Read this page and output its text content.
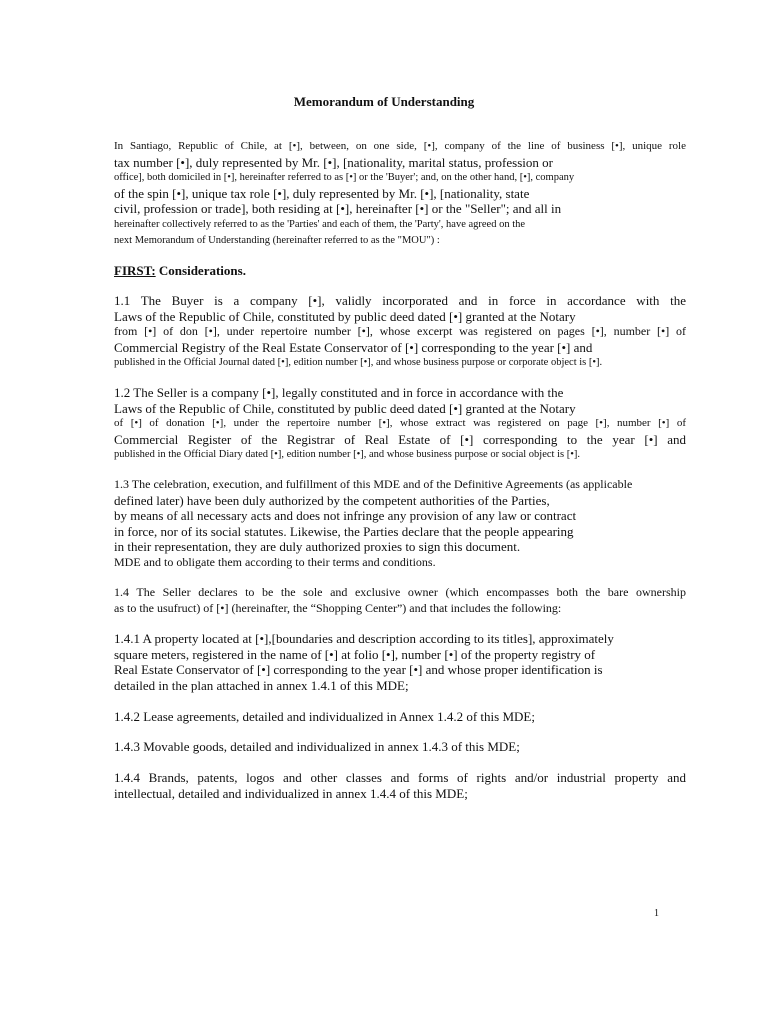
Memorandum of Understanding
In Santiago, Republic of Chile, at [•], between, on one side, [•], company of the line of business [•], unique role
tax number [•], duly represented by Mr. [•], [nationality, marital status, profession or
office], both domiciled in [•], hereinafter referred to as [•] or the 'Buyer'; and, on the other hand, [•], company
of the spin [•], unique tax role [•], duly represented by Mr. [•], [nationality, state
civil, profession or trade], both residing at [•], hereinafter [•] or the "Seller"; and all in
hereinafter collectively referred to as the 'Parties' and each of them, the 'Party', have agreed on the
next Memorandum of Understanding (hereinafter referred to as the "MOU") :
FIRST: Considerations.
1.1 The Buyer is a company [•], validly incorporated and in force in accordance with the
Laws of the Republic of Chile, constituted by public deed dated [•] granted at the Notary
from [•] of don [•], under repertoire number [•], whose excerpt was registered on pages [•], number [•] of
Commercial Registry of the Real Estate Conservator of [•] corresponding to the year [•] and
published in the Official Journal dated [•], edition number [•], and whose business purpose or corporate object is [•].
1.2 The Seller is a company [•], legally constituted and in force in accordance with the
Laws of the Republic of Chile, constituted by public deed dated [•] granted at the Notary
of [•] of donation [•], under the repertoire number [•], whose extract was registered on page [•], number [•] of
Commercial Register of the Registrar of Real Estate of [•] corresponding to the year [•] and
published in the Official Diary dated [•], edition number [•], and whose business purpose or social object is [•].
1.3 The celebration, execution, and fulfillment of this MDE and of the Definitive Agreements (as applicable
defined later) have been duly authorized by the competent authorities of the Parties,
by means of all necessary acts and does not infringe any provision of any law or contract
in force, nor of its social statutes. Likewise, the Parties declare that the people appearing
in their representation, they are duly authorized proxies to sign this document.
MDE and to obligate them according to their terms and conditions.
1.4 The Seller declares to be the sole and exclusive owner (which encompasses both the bare ownership
as to the usufruct) of [•] (hereinafter, the “Shopping Center”) and that includes the following:
1.4.1 A property located at [•],[boundaries and description according to its titles], approximately
square meters, registered in the name of [•] at folio [•], number [•] of the property registry of
Real Estate Conservator of [•] corresponding to the year [•] and whose proper identification is
detailed in the plan attached in annex 1.4.1 of this MDE;
1.4.2 Lease agreements, detailed and individualized in Annex 1.4.2 of this MDE;
1.4.3 Movable goods, detailed and individualized in annex 1.4.3 of this MDE;
1.4.4 Brands, patents, logos and other classes and forms of rights and/or industrial property and
intellectual, detailed and individualized in annex 1.4.4 of this MDE;
1
